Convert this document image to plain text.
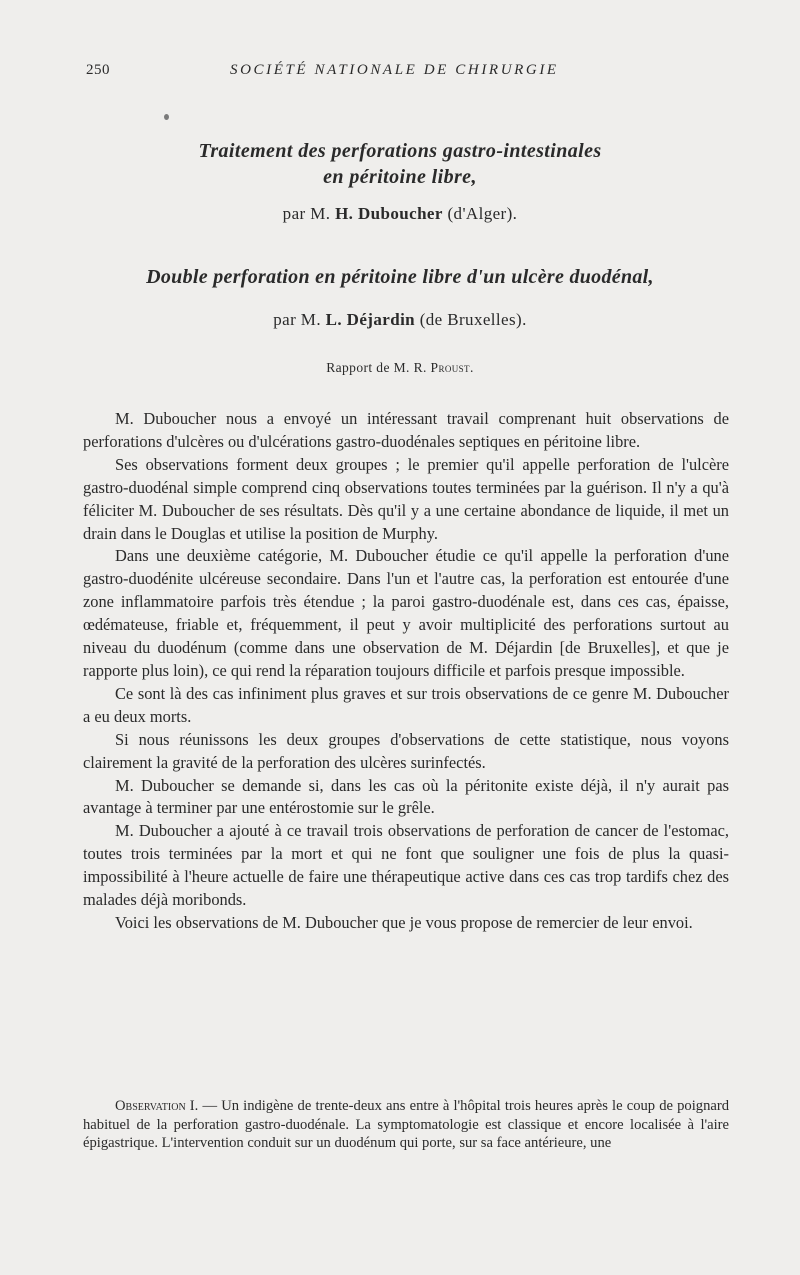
250	SOCIÉTÉ NATIONALE DE CHIRURGIE
Traitement des perforations gastro-intestinales
en péritoine libre,
par M. H. Duboucher (d'Alger).
Double perforation en péritoine libre d'un ulcère duodénal,
par M. L. Déjardin (de Bruxelles).
Rapport de M. R. Proust.

M. Duboucher nous a envoyé un intéressant travail comprenant huit observations de perforations d'ulcères ou d'ulcérations gastro-duodénales septiques en péritoine libre.

Ses observations forment deux groupes ; le premier qu'il appelle perforation de l'ulcère gastro-duodénal simple comprend cinq observations toutes terminées par la guérison. Il n'y a qu'à féliciter M. Duboucher de ses résultats. Dès qu'il y a une certaine abondance de liquide, il met un drain dans le Douglas et utilise la position de Murphy.

Dans une deuxième catégorie, M. Duboucher étudie ce qu'il appelle la perforation d'une gastro-duodénite ulcéreuse secondaire. Dans l'un et l'autre cas, la perforation est entourée d'une zone inflammatoire parfois très étendue ; la paroi gastro-duodénale est, dans ces cas, épaisse, œdémateuse, friable et, fréquemment, il peut y avoir multiplicité des perforations surtout au niveau du duodénum (comme dans une observation de M. Déjardin [de Bruxelles], et que je rapporte plus loin), ce qui rend la réparation toujours difficile et parfois presque impossible.

Ce sont là des cas infiniment plus graves et sur trois observations de ce genre M. Duboucher a eu deux morts.

Si nous réunissons les deux groupes d'observations de cette statistique, nous voyons clairement la gravité de la perforation des ulcères surinfectés.

M. Duboucher se demande si, dans les cas où la péritonite existe déjà, il n'y aurait pas avantage à terminer par une entérostomie sur le grêle.

M. Duboucher a ajouté à ce travail trois observations de perforation de cancer de l'estomac, toutes trois terminées par la mort et qui ne font que souligner une fois de plus la quasi-impossibilité à l'heure actuelle de faire une thérapeutique active dans ces cas trop tardifs chez des malades déjà moribonds.

Voici les observations de M. Duboucher que je vous propose de remercier de leur envoi.

Observation I. — Un indigène de trente-deux ans entre à l'hôpital trois heures après le coup de poignard habituel de la perforation gastro-duodénale. La symptomatologie est classique et encore localisée à l'aire épigastrique. L'intervention conduit sur un duodénum qui porte, sur sa face antérieure, une
